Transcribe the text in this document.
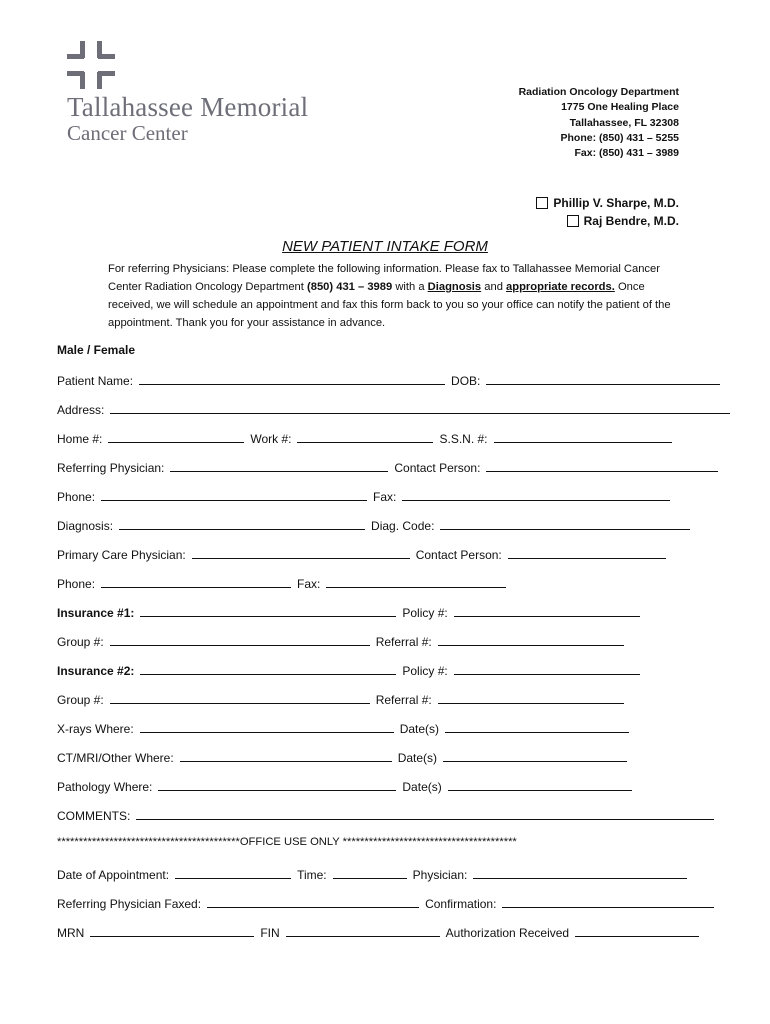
Tallahassee Memorial
Cancer Center
Radiation Oncology Department
1775 One Healing Place
Tallahassee, FL 32308
Phone: (850) 431 – 5255
Fax: (850) 431 – 3989
Phillip V. Sharpe, M.D.
Raj Bendre, M.D.
NEW PATIENT INTAKE FORM
For referring Physicians: Please complete the following information. Please fax to Tallahassee Memorial Cancer Center Radiation Oncology Department (850) 431 – 3989 with a Diagnosis and appropriate records. Once received, we will schedule an appointment and fax this form back to you so your office can notify the patient of the appointment. Thank you for your assistance in advance.
Male / Female
Patient Name:	DOB:
Address:
Home #:	Work #:	S.S.N. #:
Referring Physician:	Contact Person:
Phone:	Fax:
Diagnosis:	Diag. Code:
Primary Care Physician:	Contact Person:
Phone:	Fax:
Insurance #1:	Policy #:
Group #:	Referral #:
Insurance #2:	Policy #:
Group #:	Referral #:
X-rays Where:	Date(s)
CT/MRI/Other Where:	Date(s)
Pathology Where:	Date(s)
COMMENTS:
******************************************OFFICE USE ONLY ****************************************
Date of Appointment:	Time:	Physician:
Referring Physician Faxed:	Confirmation:
MRN	FIN	Authorization Received
